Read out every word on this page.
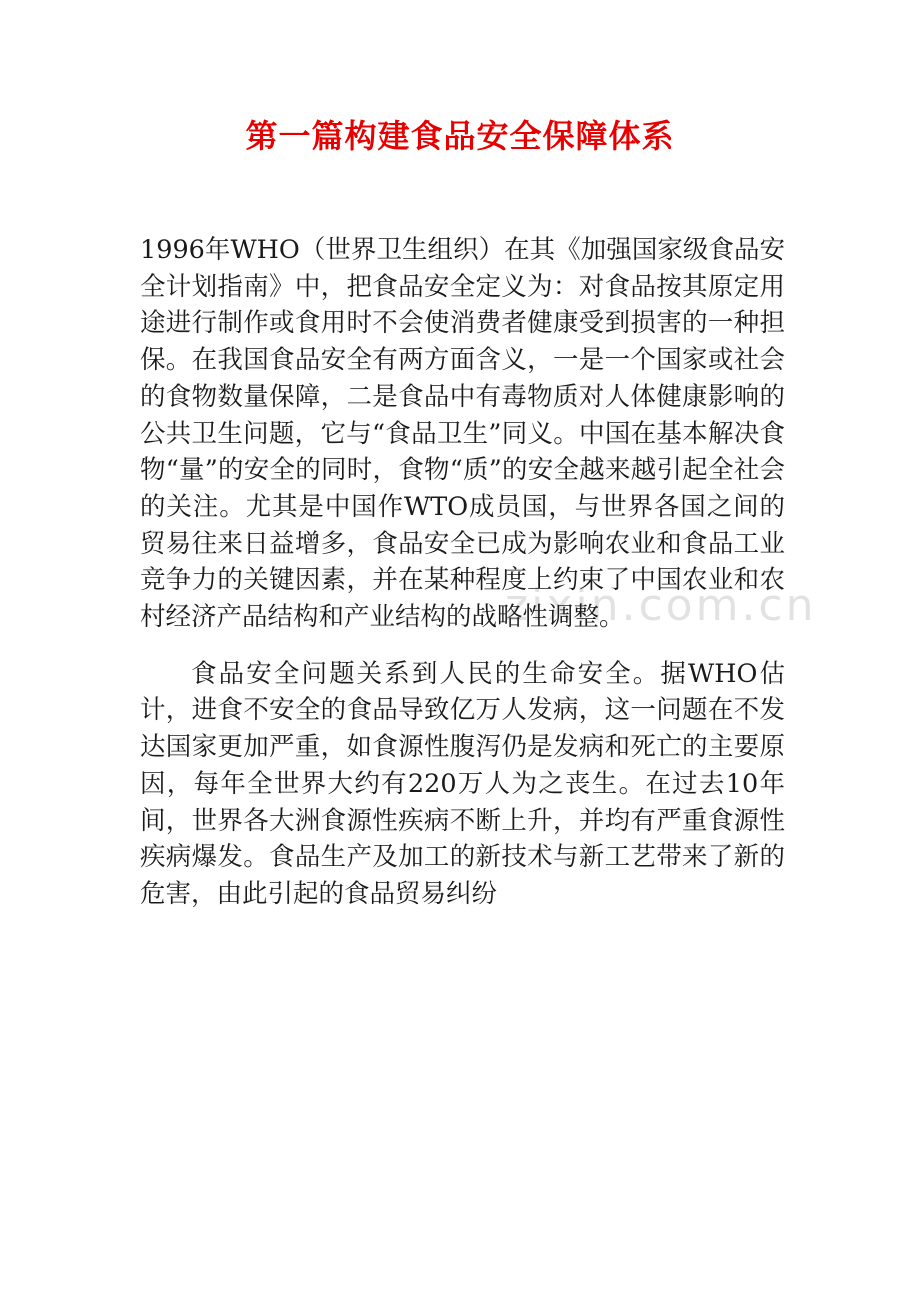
第一篇构建食品安全保障体系

1996年WHO（世界卫生组织）在其《加强国家级食品安全计划指南》中，把食品安全定义为：对食品按其原定用途进行制作或食用时不会使消费者健康受到损害的一种担保。在我国食品安全有两方面含义，一是一个国家或社会的食物数量保障，二是食品中有毒物质对人体健康影响的公共卫生问题，它与“食品卫生”同义。中国在基本解决食物“量”的安全的同时，食物“质”的安全越来越引起全社会的关注。尤其是中国作WTO成员国，与世界各国之间的贸易往来日益增多，食品安全已成为影响农业和食品工业竞争力的关键因素，并在某种程度上约束了中国农业和农村经济产品结构和产业结构的战略性调整。

食品安全问题关系到人民的生命安全。据WHO估计，进食不安全的食品导致亿万人发病，这一问题在不发达国家更加严重，如食源性腹泻仍是发病和死亡的主要原因，每年全世界大约有220万人为之丧生。在过去10年间，世界各大洲食源性疾病不断上升，并均有严重食源性疾病爆发。食品生产及加工的新技术与新工艺带来了新的危害，由此引起的食品贸易纠纷

zixin.com.cn
